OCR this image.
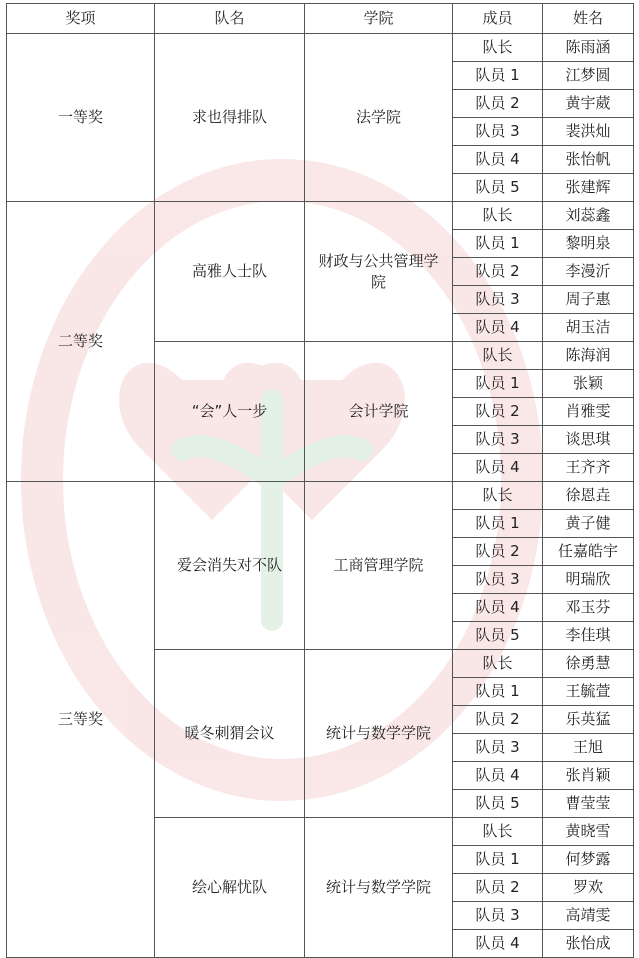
奖项	队名	学院	成员	姓名
一等奖	求也得排队	法学院	队长	陈雨涵
			队员 1	江梦圆
			队员 2	黄宇葳
			队员 3	裴洪灿
			队员 4	张怡帆
			队员 5	张建辉
二等奖	高雅人士队	财政与公共管理学院	队长	刘蕊鑫
			队员 1	黎明泉
			队员 2	李漫沂
			队员 3	周子惠
			队员 4	胡玉洁
	“会”人一步	会计学院	队长	陈海润
			队员 1	张颖
			队员 2	肖雅雯
			队员 3	谈思琪
			队员 4	王齐齐
三等奖	爱会消失对不队	工商管理学院	队长	徐恩垚
			队员 1	黄子健
			队员 2	任嘉皓宇
			队员 3	明瑞欣
			队员 4	邓玉芬
			队员 5	李佳琪
	暖冬刺猬会议	统计与数学学院	队长	徐勇慧
			队员 1	王毓萱
			队员 2	乐英猛
			队员 3	王旭
			队员 4	张肖颖
			队员 5	曹莹莹
	绘心解忧队	统计与数学学院	队长	黄晓雪
			队员 1	何梦露
			队员 2	罗欢
			队员 3	高靖雯
			队员 4	张怡成
